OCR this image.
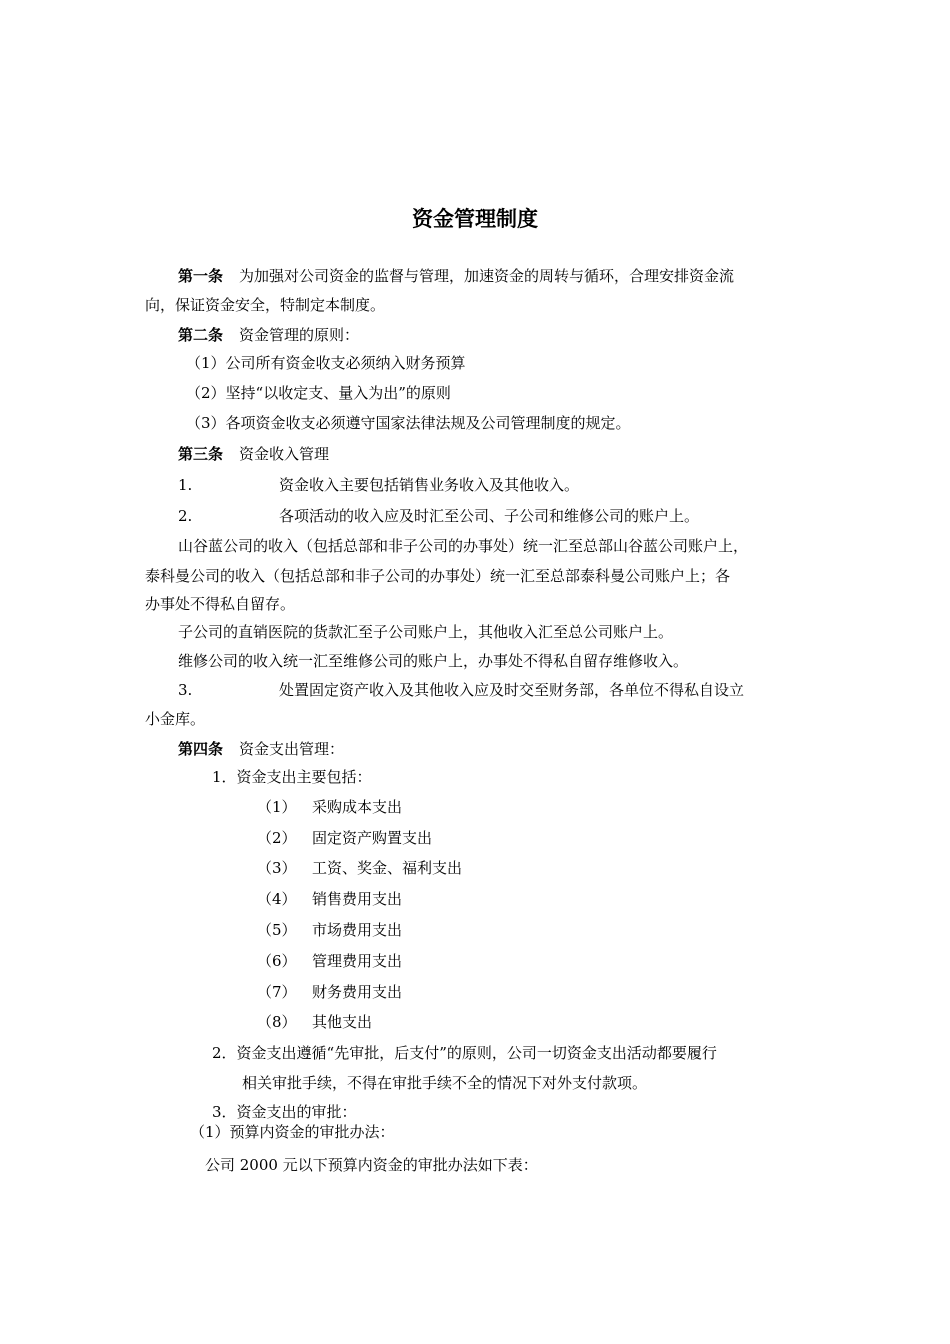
资金管理制度
第一条 为加强对公司资金的监督与管理，加速资金的周转与循环，合理安排资金流
向，保证资金安全，特制定本制度。
第二条 资金管理的原则：
（1）公司所有资金收支必须纳入财务预算
（2）坚持“以收定支、量入为出”的原则
（3）各项资金收支必须遵守国家法律法规及公司管理制度的规定。
第三条 资金收入管理
1.	资金收入主要包括销售业务收入及其他收入。
2.	各项活动的收入应及时汇至公司、子公司和维修公司的账户上。
山谷蓝公司的收入（包括总部和非子公司的办事处）统一汇至总部山谷蓝公司账户上，
泰科曼公司的收入（包括总部和非子公司的办事处）统一汇至总部泰科曼公司账户上；各
办事处不得私自留存。
子公司的直销医院的货款汇至子公司账户上，其他收入汇至总公司账户上。
维修公司的收入统一汇至维修公司的账户上，办事处不得私自留存维修收入。
3.	处置固定资产收入及其他收入应及时交至财务部，各单位不得私自设立
小金库。
第四条 资金支出管理：
1．资金支出主要包括：
（1） 采购成本支出
（2） 固定资产购置支出
（3） 工资、奖金、福利支出
（4） 销售费用支出
（5） 市场费用支出
（6） 管理费用支出
（7） 财务费用支出
（8） 其他支出
2．资金支出遵循“先审批，后支付”的原则，公司一切资金支出活动都要履行
相关审批手续，不得在审批手续不全的情况下对外支付款项。
3．资金支出的审批：
（1）预算内资金的审批办法：
公司 2000 元以下预算内资金的审批办法如下表：
